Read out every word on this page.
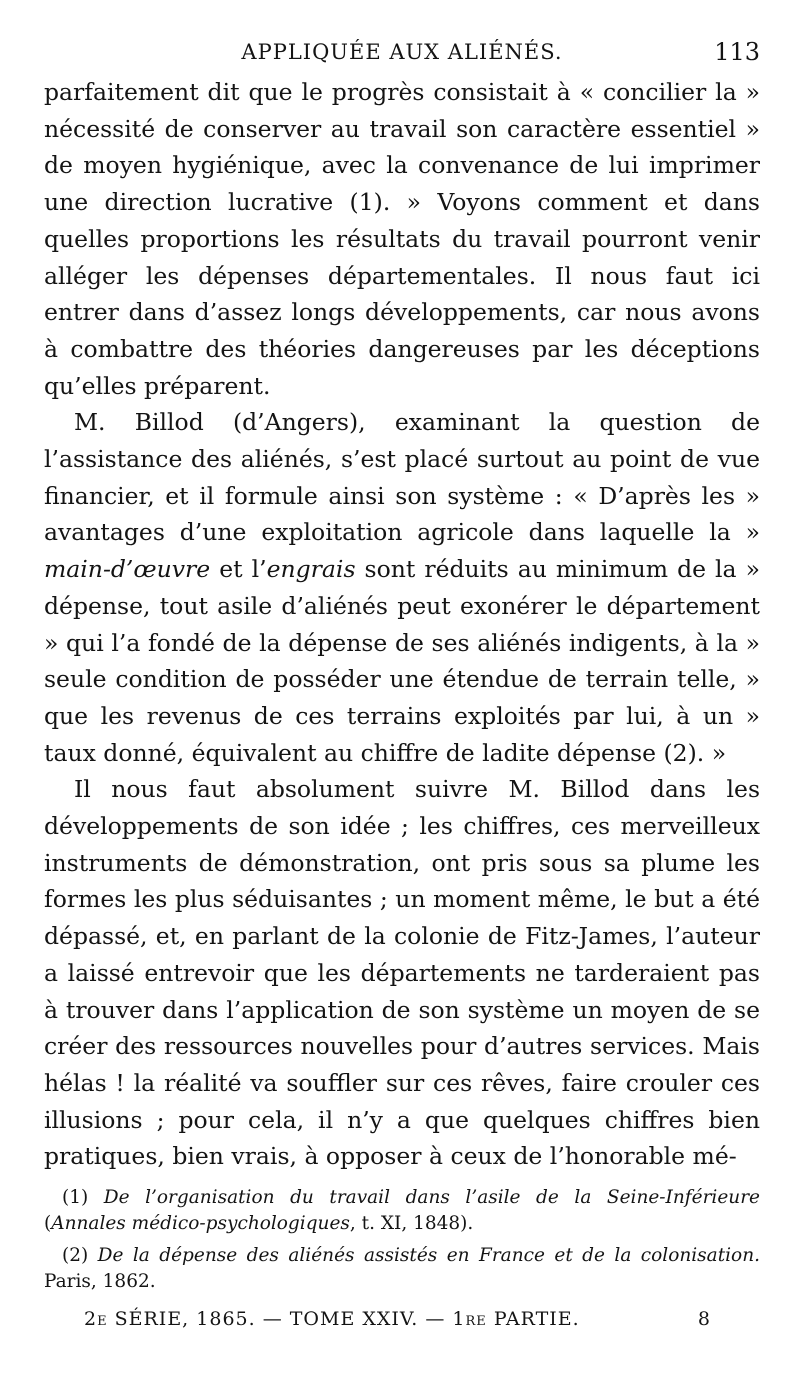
APPLIQUÉE AUX ALIÉNÉS.	113

parfaitement dit que le progrès consistait à « concilier la » nécessité de conserver au travail son caractère essentiel » de moyen hygiénique, avec la convenance de lui imprimer une direction lucrative (1). » Voyons comment et dans quelles proportions les résultats du travail pourront venir alléger les dépenses départementales. Il nous faut ici entrer dans d’assez longs développements, car nous avons à combattre des théories dangereuses par les déceptions qu’elles préparent.

M. Billod (d’Angers), examinant la question de l’assistance des aliénés, s’est placé surtout au point de vue financier, et il formule ainsi son système : « D’après les » avantages d’une exploitation agricole dans laquelle la » main-d’œuvre et l’engrais sont réduits au minimum de la » dépense, tout asile d’aliénés peut exonérer le département » qui l’a fondé de la dépense de ses aliénés indigents, à la » seule condition de posséder une étendue de terrain telle, » que les revenus de ces terrains exploités par lui, à un » taux donné, équivalent au chiffre de ladite dépense (2). »

Il nous faut absolument suivre M. Billod dans les développements de son idée ; les chiffres, ces merveilleux instruments de démonstration, ont pris sous sa plume les formes les plus séduisantes ; un moment même, le but a été dépassé, et, en parlant de la colonie de Fitz-James, l’auteur a laissé entrevoir que les départements ne tarderaient pas à trouver dans l’application de son système un moyen de se créer des ressources nouvelles pour d’autres services. Mais hélas ! la réalité va souffler sur ces rêves, faire crouler ces illusions ; pour cela, il n’y a que quelques chiffres bien pratiques, bien vrais, à opposer à ceux de l’honorable mé-

(1) De l’organisation du travail dans l’asile de la Seine-Inférieure (Annales médico-psychologiques, t. XI, 1848).

(2) De la dépense des aliénés assistés en France et de la colonisation. Paris, 1862.

2e SÉRIE, 1865. — TOME XXIV. — 1re PARTIE.	8
